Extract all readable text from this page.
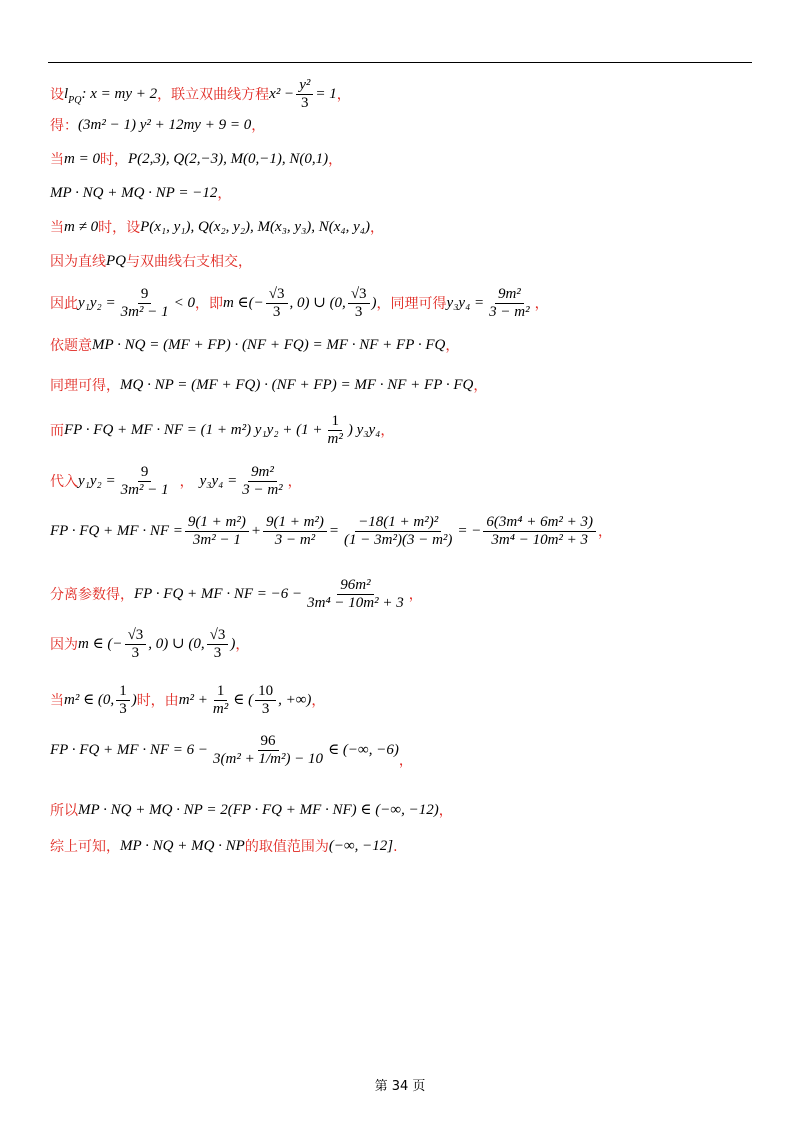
设 l PQ : x = my + 2 ，联立双曲线方程 $x^2 - \frac{\text{y²}}{3} = 1$ ，
得： (3m² − 1) y² + 12my + 9 = 0 ，
当 m = 0 时， P(2,3), Q(2,−3), M(0,−1), N(0,1) ，
MP · NQ + MQ · NP = −12 ，
当 m ≠ 0 时，设 P(x₁, y₁), Q(x₂, y₂), M(x₃, y₃), N(x₄, y₄) ，
因为直线 PQ 与双曲线右支相交，
因此 $y_1y_2 = \frac{9}{\text{3m² − 1}} < 0$ ，即 m ∈ (− $\frac{√3}{3}$ , 0) ∪ (0, $\frac{√3}{3}$ ) ，同理可得 $y_3y_4 = \frac{\text{9m²}}{\text{3 − m²}}$ ，
依题意 MP · NQ = (MF + FP) · (NF + FQ) = MF · NF + FP · FQ ，
同理可得， MQ · NP = (MF + FQ) · (NF + FP) = MF · NF + FP · FQ ，
而 FP · FQ + MF · NF = (1 + m²) $y_1y_2 + (1 + \frac{1}{\text{m²}}$ ) y₃y₄ ，
代入 $y_1y_2 = \frac{9}{\text{3m² − 1}}$ ， $y_3y_4 = \frac{\text{9m²}}{\text{3 − m²}}$ ，
FP · FQ + MF · NF = $\frac{\text{9(1 + m²)}}{\text{3m² − 1}} + \frac{\text{9(1 + m²)}}{\text{3 − m²}} = \frac{\text{−18(1 + m²)²}}{\text{(1 − 3m²)(3 − m²)}}$ = − $\frac{\text{6(3m⁴ + 6m² + 3)}}{\text{3m⁴ − 10m² + 3}}$ ，
分离参数得， FP · FQ + MF · NF = $-6 - \frac{\text{96m²}}{\text{3m⁴ − 10m² + 3}}$ ，
因为 m ∈ (− $\frac{√3}{3}$ , 0) ∪ (0, $\frac{√3}{3}$ ) ，
当 m² ∈ (0, $\frac{1}{3}$ ) 时，由 $m^2 + \frac{1}{\text{m²}}$ ∈ ( $\frac{10}{3}$ , +∞) ，
FP · FQ + MF · NF = $6 - \frac{96}{\text{3(m² + 1/m²) − 10}}$ ∈ (−∞, −6)
，
所以 MP · NQ + MQ · NP = 2(FP · FQ + MF · NF) ∈ (−∞, −12) ，
综上可知， MP · NQ + MQ · NP 的取值范围为 (−∞, −12] .
第 34 页
